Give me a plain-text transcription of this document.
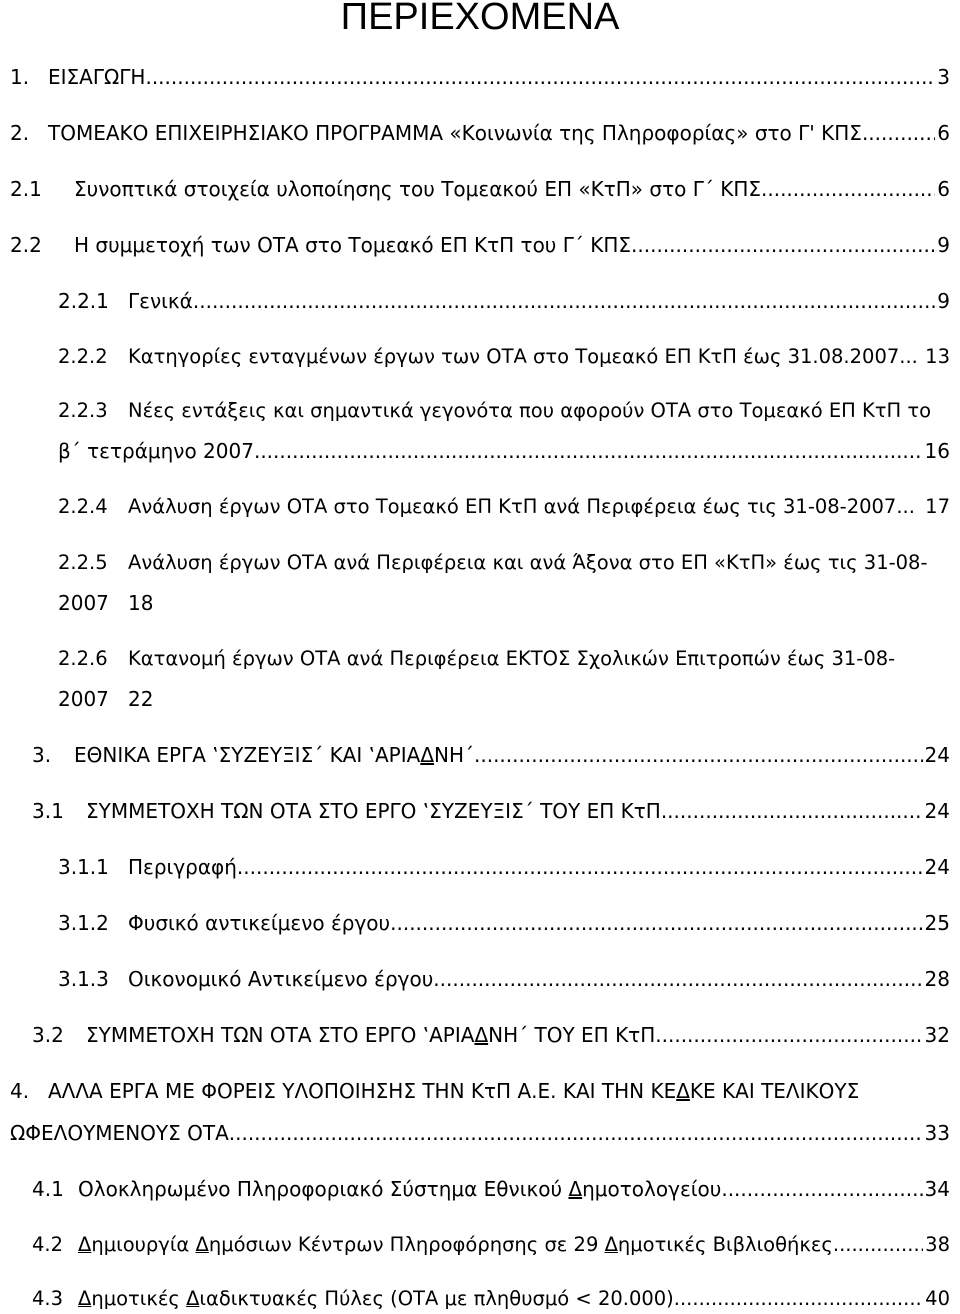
ΠΕΡΙΕΧΟΜΕΝΑ
1. ΕΙΣΑΓΩΓΗ .....	3
2. ΤΟΜΕΑΚΟ ΕΠΙΧΕΙΡΗΣΙΑΚΟ ΠΡΟΓΡΑΜΜΑ «Κοινωνία της Πληροφορίας» στο Γ' ΚΠΣ .....	6
2.1	Συνοπτικά στοιχεία υλοποίησης του Τομεακού ΕΠ «ΚτΠ» στο Γ΄ ΚΠΣ .....	6
2.2	Η συμμετοχή των ΟΤΑ στο Τομεακό ΕΠ ΚτΠ του Γ΄ ΚΠΣ .....	9
2.2.1 Γενικά .....	9
2.2.2	Κατηγορίες ενταγμένων έργων των ΟΤΑ στο Τομεακό ΕΠ ΚτΠ έως 31.08.2007 .....	13
2.2.3	Νέες εντάξεις και σημαντικά γεγονότα που αφορούν ΟΤΑ στο Τομεακό ΕΠ ΚτΠ το
β΄ τετράμηνο 2007 .....	16
2.2.4	Ανάλυση έργων ΟΤΑ στο Τομεακό ΕΠ ΚτΠ ανά Περιφέρεια έως τις 31-08-2007 .....	17
2.2.5	Ανάλυση έργων ΟΤΑ ανά Περιφέρεια και ανά Άξονα στο ΕΠ «ΚτΠ» έως τις 31-08-
2007 18
2.2.6	Κατανομή έργων ΟΤΑ ανά Περιφέρεια ΕΚΤΟΣ Σχολικών Επιτροπών έως 31-08-
2007 22
3.	ΕΘΝΙΚΑ ΕΡΓΑ ‛ΣΥΖΕΥΞΙΣ΄ ΚΑΙ ‛ΑΡΙΑΔΝΗ΄ .....	24
3.1	ΣΥΜΜΕΤΟΧΗ ΤΩΝ ΟΤΑ ΣΤΟ ΕΡΓΟ ‛ΣΥΖΕΥΞΙΣ΄ ΤΟΥ ΕΠ ΚτΠ .....	24
3.1.1 Περιγραφή .....	24
3.1.2 Φυσικό αντικείμενο έργου .....	25
3.1.3 Οικονομικό Αντικείμενο έργου .....	28
3.2	ΣΥΜΜΕΤΟΧΗ ΤΩΝ ΟΤΑ ΣΤΟ ΕΡΓΟ ‛ΑΡΙΑΔΝΗ΄ ΤΟΥ ΕΠ ΚτΠ .....	32
4. ΑΛΛΑ ΕΡΓΑ ΜΕ ΦΟΡΕΙΣ ΥΛΟΠΟΙΗΣΗΣ ΤΗΝ ΚτΠ Α.Ε. ΚΑΙ ΤΗΝ ΚΕΔΚΕ ΚΑΙ ΤΕΛΙΚΟΥΣ
ΩΦΕΛΟΥΜΕΝΟΥΣ ΟΤΑ .....	33
4.1 Ολοκληρωμένο Πληροφοριακό Σύστημα Εθνικού Δημοτολογείου .....	34
4.2 Δημιουργία Δημόσιων Κέντρων Πληροφόρησης σε 29 Δημοτικές Βιβλιοθήκες .....	38
4.3 Δημοτικές Διαδικτυακές Πύλες (ΟΤΑ με πληθυσμό < 20.000) .....	40
